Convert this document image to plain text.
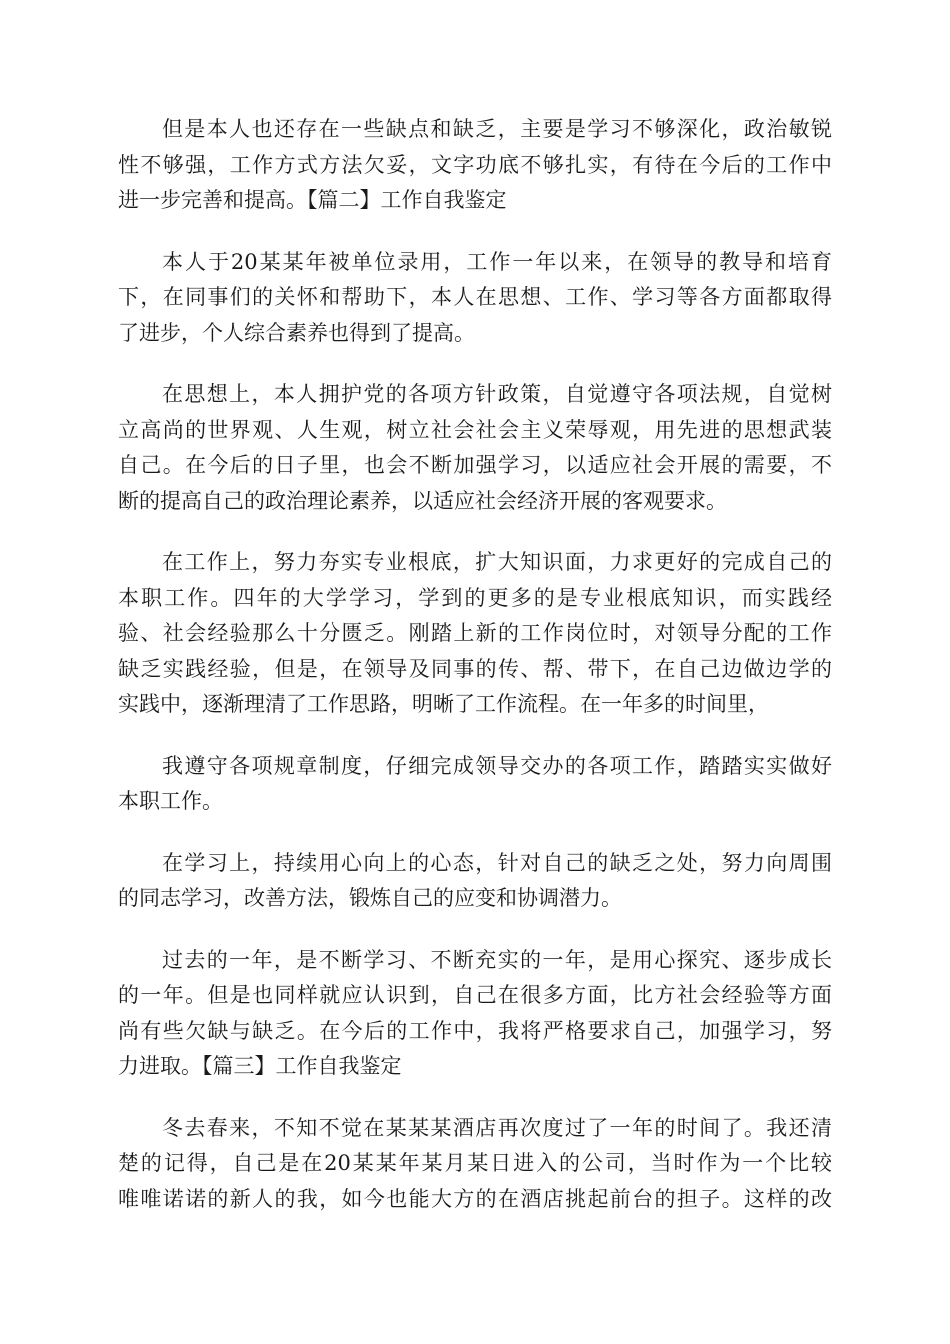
但是本人也还存在一些缺点和缺乏，主要是学习不够深化，政治敏锐
性不够强，工作方式方法欠妥，文字功底不够扎实，有待在今后的工作中
进一步完善和提高。【篇二】工作自我鉴定
本人于20某某年被单位录用，工作一年以来，在领导的教导和培育
下，在同事们的关怀和帮助下，本人在思想、工作、学习等各方面都取得
了进步，个人综合素养也得到了提高。
在思想上，本人拥护党的各项方针政策，自觉遵守各项法规，自觉树
立高尚的世界观、人生观，树立社会社会主义荣辱观，用先进的思想武装
自己。在今后的日子里，也会不断加强学习，以适应社会开展的需要，不
断的提高自己的政治理论素养，以适应社会经济开展的客观要求。
在工作上，努力夯实专业根底，扩大知识面，力求更好的完成自己的
本职工作。四年的大学学习，学到的更多的是专业根底知识，而实践经
验、社会经验那么十分匮乏。刚踏上新的工作岗位时，对领导分配的工作
缺乏实践经验，但是，在领导及同事的传、帮、带下，在自己边做边学的
实践中，逐渐理清了工作思路，明晰了工作流程。在一年多的时间里，
我遵守各项规章制度，仔细完成领导交办的各项工作，踏踏实实做好
本职工作。
在学习上，持续用心向上的心态，针对自己的缺乏之处，努力向周围
的同志学习，改善方法，锻炼自己的应变和协调潜力。
过去的一年，是不断学习、不断充实的一年，是用心探究、逐步成长
的一年。但是也同样就应认识到，自己在很多方面，比方社会经验等方面
尚有些欠缺与缺乏。在今后的工作中，我将严格要求自己，加强学习，努
力进取。【篇三】工作自我鉴定
冬去春来，不知不觉在某某某酒店再次度过了一年的时间了。我还清
楚的记得，自己是在20某某年某月某日进入的公司，当时作为一个比较
唯唯诺诺的新人的我，如今也能大方的在酒店挑起前台的担子。这样的改
